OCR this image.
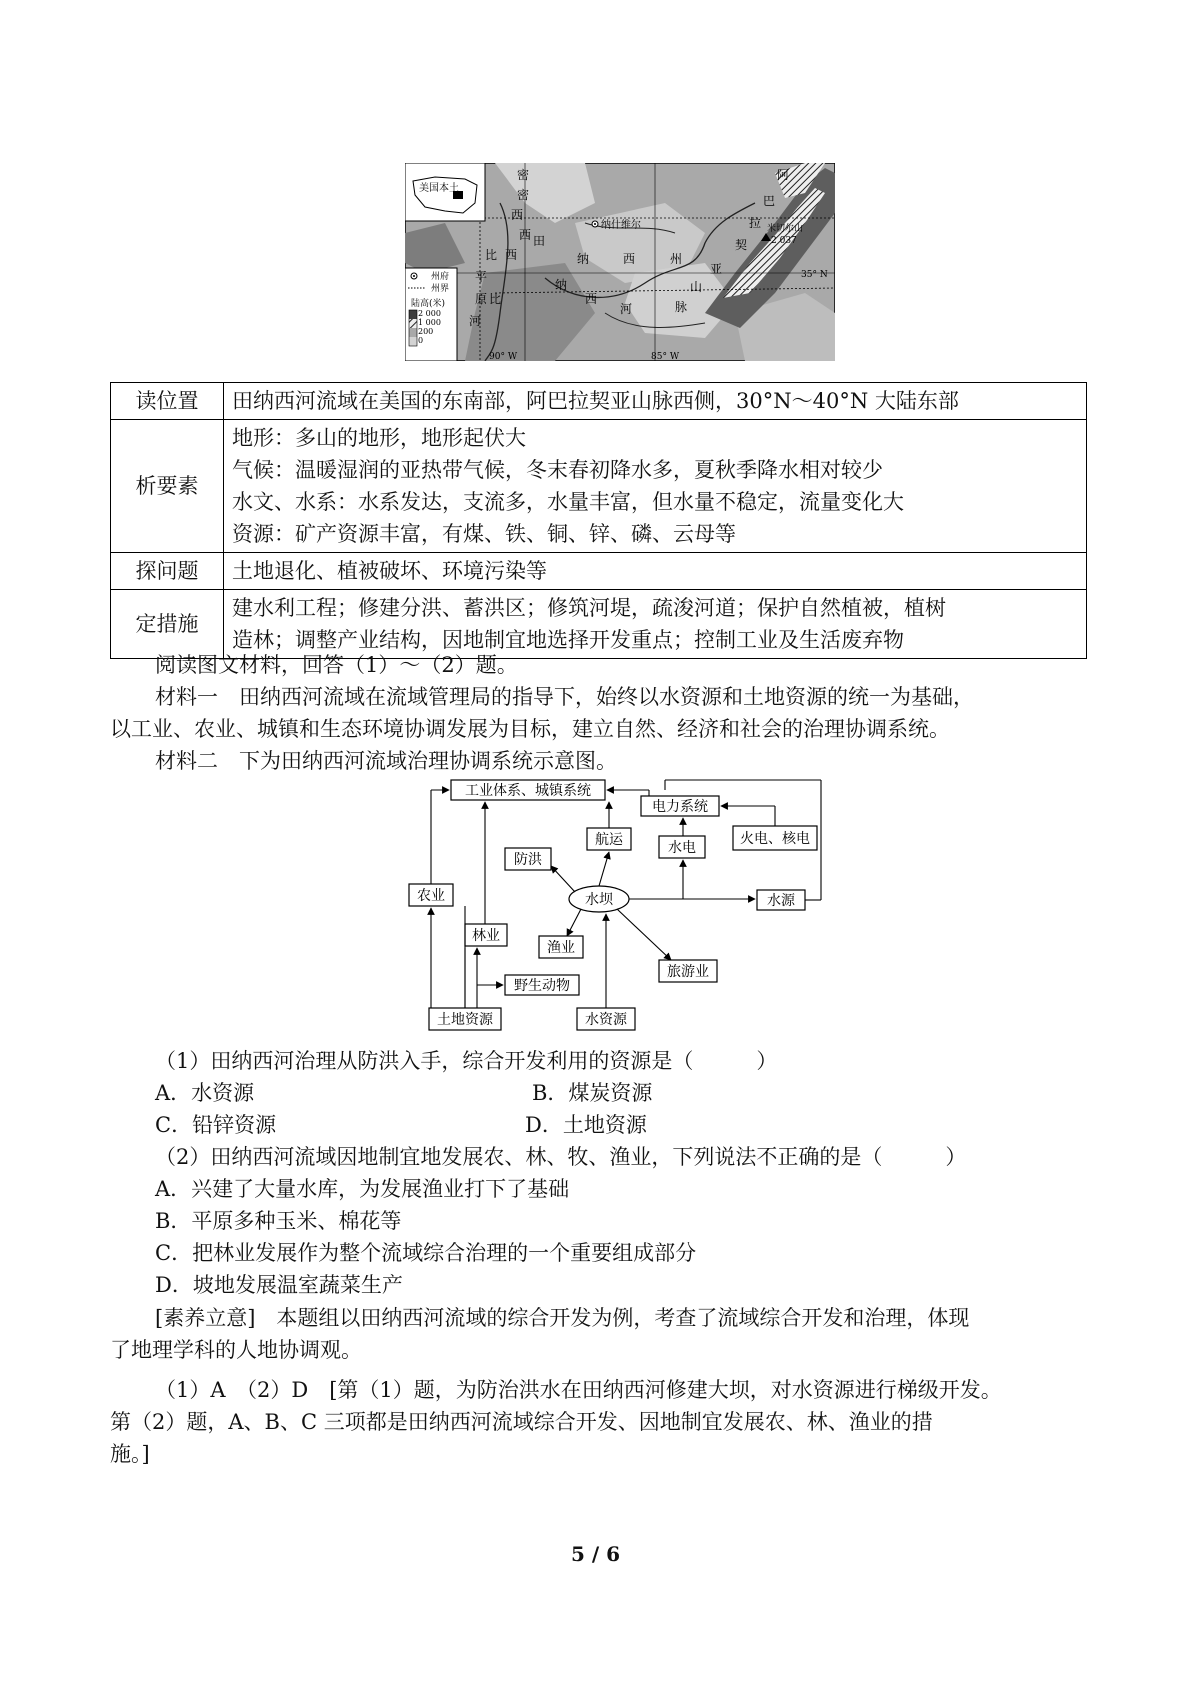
美国本土
州府
州界
陆高(米)
2 000
1 000
200
0
密
密
西
西
比
平
原 比
河
西
田
纳	西	州
纳
西
河
阿
巴
拉
契
亚
山
脉
纳什维尔	米切尔山
2 037
35° N
90° W	85° W
读位置	田纳西河流域在美国的东南部，阿巴拉契亚山脉西侧，30°N～40°N 大陆东部

析要素	地形：多山的地形，地形起伏大
气候：温暖湿润的亚热带气候，冬末春初降水多，夏秋季降水相对较少
水文、水系：水系发达，支流多，水量丰富，但水量不稳定，流量变化大
资源：矿产资源丰富，有煤、铁、铜、锌、磷、云母等

探问题	土地退化、植被破坏、环境污染等

定措施	建水利工程；修建分洪、蓄洪区；修筑河堤，疏浚河道；保护自然植被，植树
造林；调整产业结构，因地制宜地选择开发重点；控制工业及生活废弃物
阅读图文材料，回答（1）～（2）题。
材料一　田纳西河流域在流域管理局的指导下，始终以水资源和土地资源的统一为基础，
以工业、农业、城镇和生态环境协调发展为目标，建立自然、经济和社会的治理协调系统。
材料二　下为田纳西河流域治理协调系统示意图。
工业体系、城镇系统
电力系统
火电、核电
航运	水电
防洪
水坝	水源
农业
林业
渔业
旅游业
野生动物
土地资源	水资源
（1）田纳西河治理从防洪入手，综合开发利用的资源是（　　　）
A．水资源	B．煤炭资源
C．铅锌资源	D．土地资源
（2）田纳西河流域因地制宜地发展农、林、牧、渔业，下列说法不正确的是（　　　）
A．兴建了大量水库，为发展渔业打下了基础
B．平原多种玉米、棉花等
C．把林业发展作为整个流域综合治理的一个重要组成部分
D．坡地发展温室蔬菜生产
[素养立意]　本题组以田纳西河流域的综合开发为例，考查了流域综合开发和治理，体现
了地理学科的人地协调观。
（1）A　（2）D　[第（1）题，为防治洪水在田纳西河修建大坝，对水资源进行梯级开发。
第（2）题，A、B、C 三项都是田纳西河流域综合开发、因地制宜发展农、林、渔业的措
施。]
5 / 6
